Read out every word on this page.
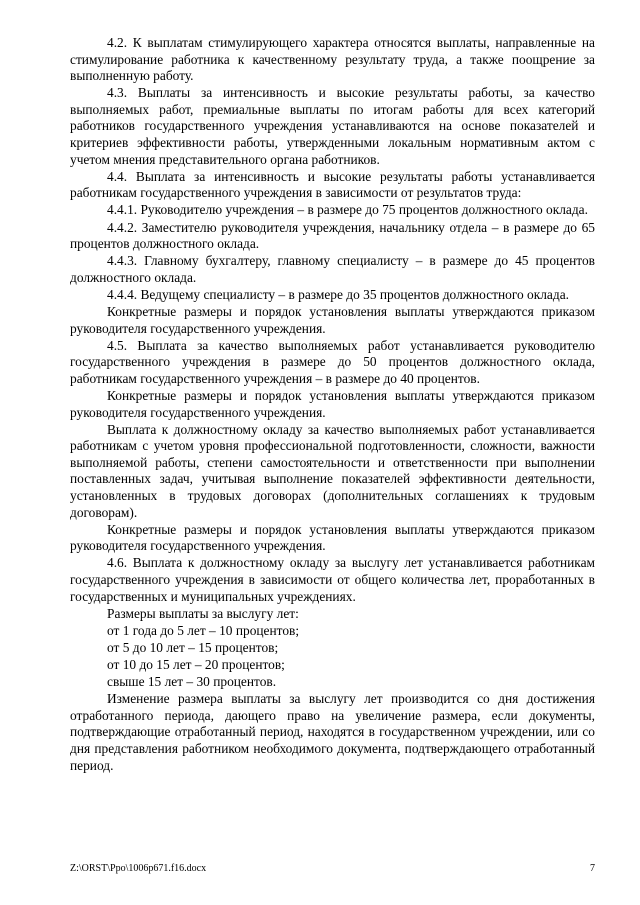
4.2. К выплатам стимулирующего характера относятся выплаты, направленные на стимулирование работника к качественному результату труда, а также поощрение за выполненную работу.

4.3. Выплаты за интенсивность и высокие результаты работы, за качество выполняемых работ, премиальные выплаты по итогам работы для всех категорий работников государственного учреждения устанавливаются на основе показателей и критериев эффективности работы, утвержденными локальным нормативным актом с учетом мнения представительного органа работников.

4.4. Выплата за интенсивность и высокие результаты работы устанавливается работникам государственного учреждения в зависимости от результатов труда:

4.4.1. Руководителю учреждения – в размере до 75 процентов должностного оклада.

4.4.2. Заместителю руководителя учреждения, начальнику отдела – в размере до 65 процентов должностного оклада.

4.4.3. Главному бухгалтеру, главному специалисту – в размере до 45 процентов должностного оклада.

4.4.4. Ведущему специалисту – в размере до 35 процентов должностного оклада.

Конкретные размеры и порядок установления выплаты утверждаются приказом руководителя государственного учреждения.

4.5. Выплата за качество выполняемых работ устанавливается руководителю государственного учреждения в размере до 50 процентов должностного оклада, работникам государственного учреждения – в размере до 40 процентов.

Конкретные размеры и порядок установления выплаты утверждаются приказом руководителя государственного учреждения.

Выплата к должностному окладу за качество выполняемых работ устанавливается работникам с учетом уровня профессиональной подготовленности, сложности, важности выполняемой работы, степени самостоятельности и ответственности при выполнении поставленных задач, учитывая выполнение показателей эффективности деятельности, установленных в трудовых договорах (дополнительных соглашениях к трудовым договорам).

Конкретные размеры и порядок установления выплаты утверждаются приказом руководителя государственного учреждения.

4.6. Выплата к должностному окладу за выслугу лет устанавливается работникам государственного учреждения в зависимости от общего количества лет, проработанных в государственных и муниципальных учреждениях.

Размеры выплаты за выслугу лет:

от 1 года до 5 лет – 10 процентов;

от 5 до 10 лет – 15 процентов;

от 10 до 15 лет – 20 процентов;

свыше 15 лет – 30 процентов.

Изменение размера выплаты за выслугу лет производится со дня достижения отработанного периода, дающего право на увеличение размера, если документы, подтверждающие отработанный период, находятся в государственном учреждении, или со дня представления работником необходимого документа, подтверждающего отработанный период.

Z:\ORST\Ppo\1006p671.f16.docx	7
